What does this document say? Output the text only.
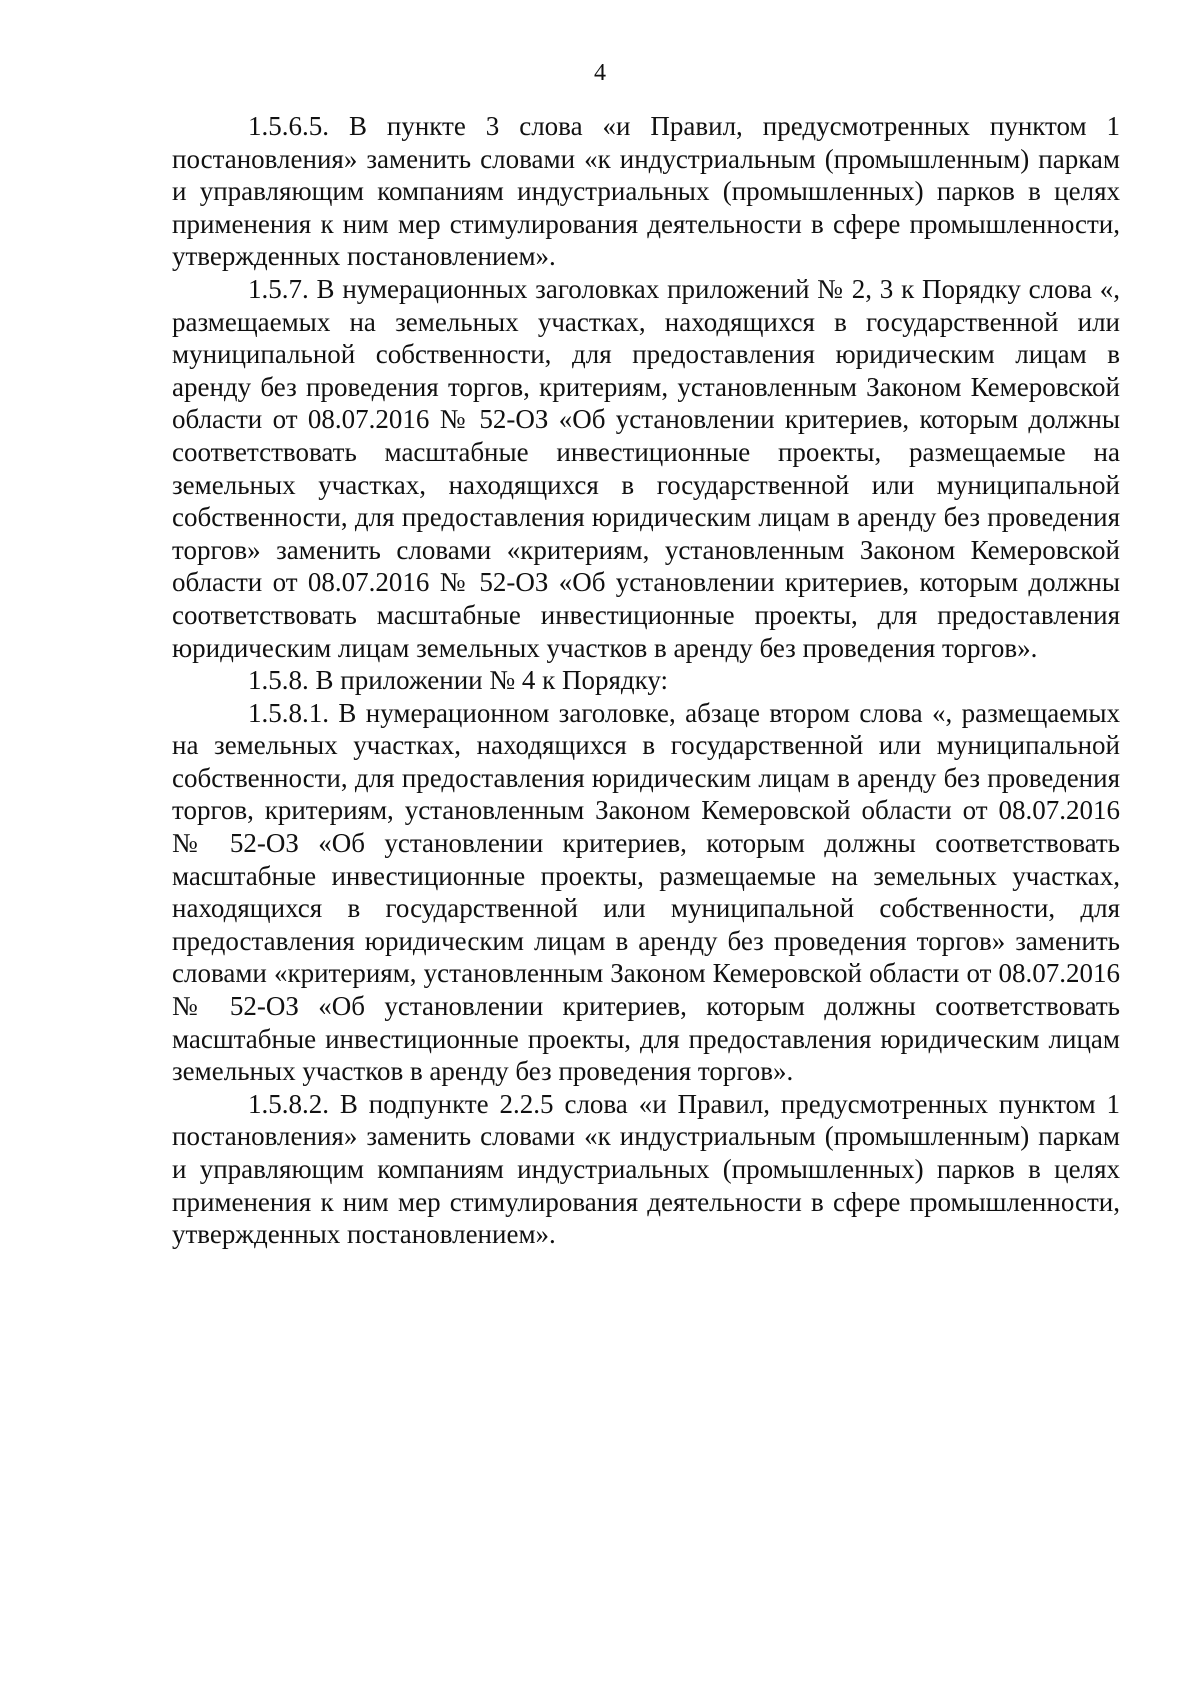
4

1.5.6.5. В пункте 3 слова «и Правил, предусмотренных пунктом 1 постановления» заменить словами «к индустриальным (промышленным) паркам и управляющим компаниям индустриальных (промышленных) парков в целях применения к ним мер стимулирования деятельности в сфере промышленности, утвержденных постановлением».

1.5.7. В нумерационных заголовках приложений № 2, 3 к Порядку слова «, размещаемых на земельных участках, находящихся в государственной или муниципальной собственности, для предоставления юридическим лицам в аренду без проведения торгов, критериям, установленным Законом Кемеровской области от 08.07.2016 № 52-ОЗ «Об установлении критериев, которым должны соответствовать масштабные инвестиционные проекты, размещаемые на земельных участках, находящихся в государственной или муниципальной собственности, для предоставления юридическим лицам в аренду без проведения торгов» заменить словами «критериям, установленным Законом Кемеровской области от 08.07.2016 № 52-ОЗ «Об установлении критериев, которым должны соответствовать масштабные инвестиционные проекты, для предоставления юридическим лицам земельных участков в аренду без проведения торгов».

1.5.8. В приложении № 4 к Порядку:

1.5.8.1. В нумерационном заголовке, абзаце втором слова «, размещаемых на земельных участках, находящихся в государственной или муниципальной собственности, для предоставления юридическим лицам в аренду без проведения торгов, критериям, установленным Законом Кемеровской области от 08.07.2016 № 52-ОЗ «Об установлении критериев, которым должны соответствовать масштабные инвестиционные проекты, размещаемые на земельных участках, находящихся в государственной или муниципальной собственности, для предоставления юридическим лицам в аренду без проведения торгов» заменить словами «критериям, установленным Законом Кемеровской области от 08.07.2016 № 52-ОЗ «Об установлении критериев, которым должны соответствовать масштабные инвестиционные проекты, для предоставления юридическим лицам земельных участков в аренду без проведения торгов».

1.5.8.2. В подпункте 2.2.5 слова «и Правил, предусмотренных пунктом 1 постановления» заменить словами «к индустриальным (промышленным) паркам и управляющим компаниям индустриальных (промышленных) парков в целях применения к ним мер стимулирования деятельности в сфере промышленности, утвержденных постановлением».
